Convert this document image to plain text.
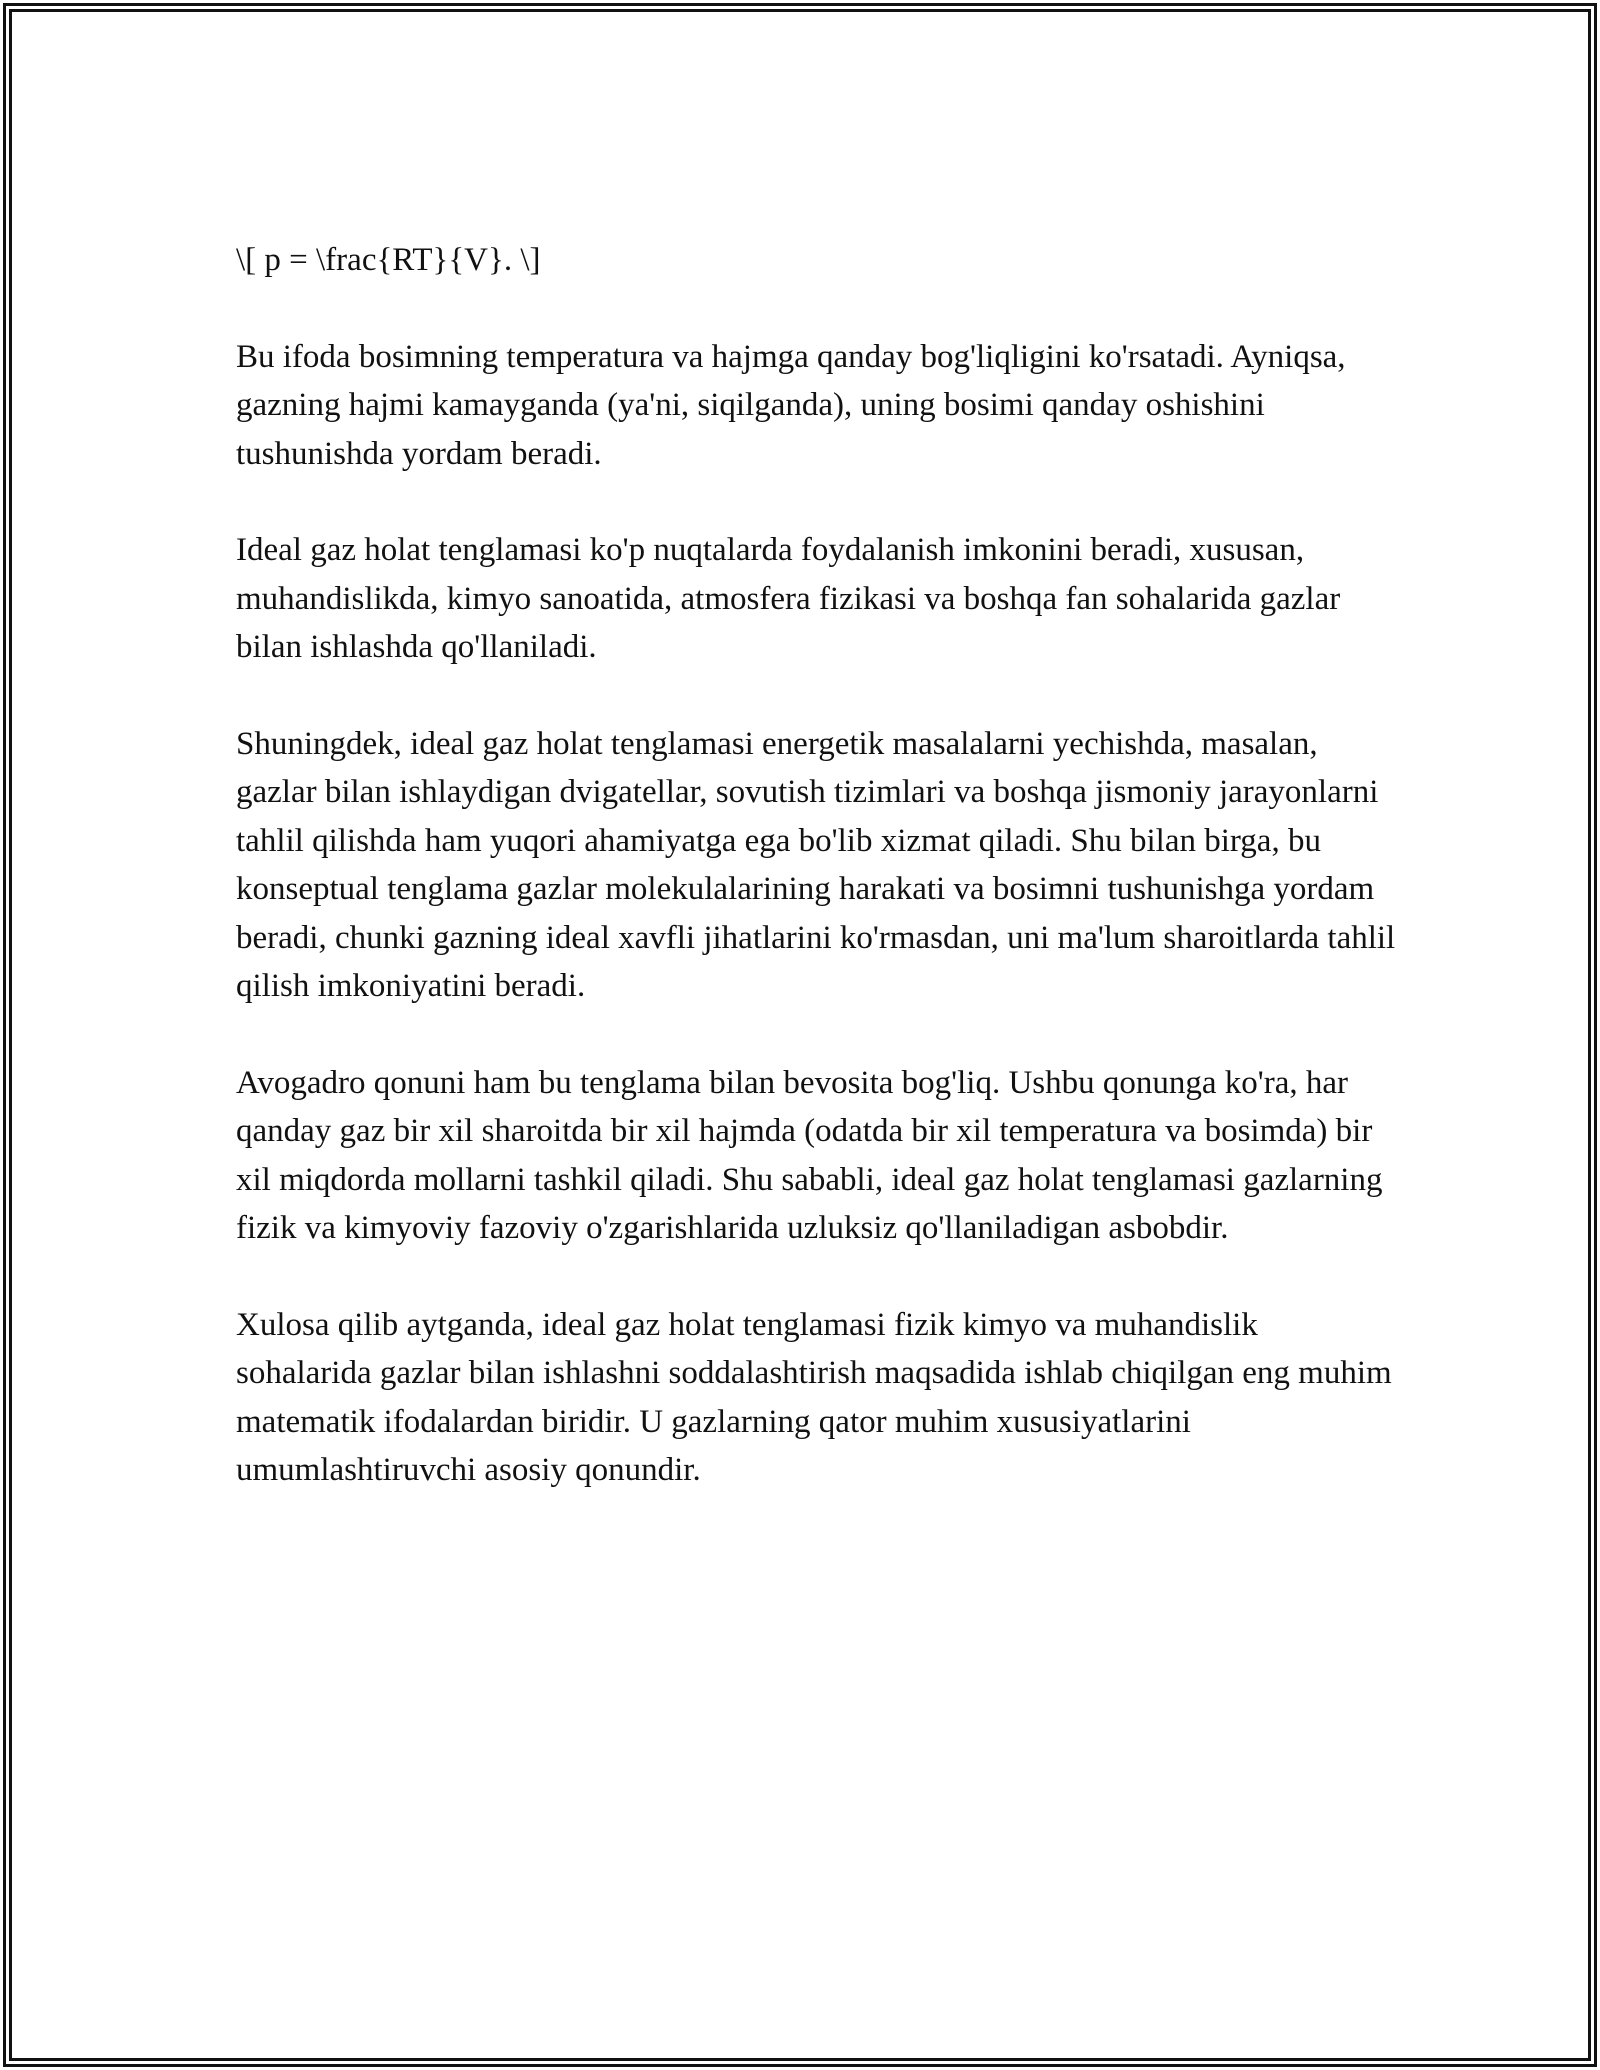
\[ p = \frac{RT}{V}. \]

Bu ifoda bosimning temperatura va hajmga qanday bog'liqligini ko'rsatadi. Ayniqsa, gazning hajmi kamayganda (ya'ni, siqilganda), uning bosimi qanday oshishini tushunishda yordam beradi.

Ideal gaz holat tenglamasi ko'p nuqtalarda foydalanish imkonini beradi, xususan, muhandislikda, kimyo sanoatida, atmosfera fizikasi va boshqa fan sohalarida gazlar bilan ishlashda qo'llaniladi.

Shuningdek, ideal gaz holat tenglamasi energetik masalalarni yechishda, masalan, gazlar bilan ishlaydigan dvigatellar, sovutish tizimlari va boshqa jismoniy jarayonlarni tahlil qilishda ham yuqori ahamiyatga ega bo'lib xizmat qiladi. Shu bilan birga, bu konseptual tenglama gazlar molekulalarining harakati va bosimni tushunishga yordam beradi, chunki gazning ideal xavfli jihatlarini ko'rmasdan, uni ma'lum sharoitlarda tahlil qilish imkoniyatini beradi.

Avogadro qonuni ham bu tenglama bilan bevosita bog'liq. Ushbu qonunga ko'ra, har qanday gaz bir xil sharoitda bir xil hajmda (odatda bir xil temperatura va bosimda) bir xil miqdorda mollarni tashkil qiladi. Shu sababli, ideal gaz holat tenglamasi gazlarning fizik va kimyoviy fazoviy o'zgarishlarida uzluksiz qo'llaniladigan asbobdir.

Xulosa qilib aytganda, ideal gaz holat tenglamasi fizik kimyo va muhandislik sohalarida gazlar bilan ishlashni soddalashtirish maqsadida ishlab chiqilgan eng muhim matematik ifodalardan biridir. U gazlarning qator muhim xususiyatlarini umumlashtiruvchi asosiy qonundir.
